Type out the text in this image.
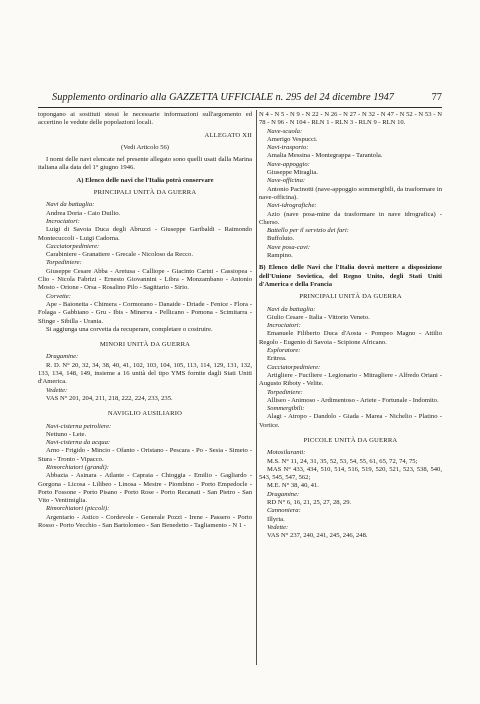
Supplemento ordinario alla GAZZETTA UFFICIALE n. 295 del 24 dicembre 1947	77

topongano ai sostituti stessi le necessarie informazioni sull'argomento ed accertino le vedute delle popolazioni locali.

ALLEGATO XII

(Vedi Articolo 56)

I nomi delle navi elencate nel presente allegato sono quelli usati dalla Marina italiana alla data del 1° giugno 1946.

A) Elenco delle navi che l'Italia potrà conservare

PRINCIPALI UNITÀ DA GUERRA

Navi da battaglia:

Andrea Doria - Caio Duilio.

Incrociatori:

Luigi di Savoia Duca degli Abruzzi - Giuseppe Garibaldi - Raimondo Montecuccoli - Luigi Cadorna.

Cacciatorpediniere:

Carabiniere - Granatiere - Grecale - Nicoloso da Recco.

Torpediniere:

Giuseppe Cesare Abba - Aretusa - Calliope - Giacinto Carini - Cassiopea - Clio - Nicola Fabrizi - Ernesto Giovannini - Libra - Monzambano - Antonio Mosto - Orione - Orsa - Rosalino Pilo - Sagittario - Sirio.

Corvette:

Ape - Baionetta - Chimera - Cormorano - Danaide - Driade - Fenice - Flora - Folaga - Gabbiano - Gru - Ibis - Minerva - Pellicano - Pomona - Scimitarra - Sfinge - Sibilla - Urania.

Si aggiunga una corvetta da recuperare, completare o costruire.

MINORI UNITÀ DA GUERRA

Dragamine:

R. D. N° 20, 32, 34, 38, 40, 41, 102, 103, 104, 105, 113, 114, 129, 131, 132, 133, 134, 148, 149, insieme a 16 unità del tipo YMS fornite dagli Stati Uniti d'America.

Vedette:

VAS N° 201, 204, 211, 218, 222, 224, 233, 235.

NAVIGLIO AUSILIARIO

Navi-cisterna petroliere:

Nettuno - Lete.

Navi-cisterna da acqua:

Arno - Frigido - Mincio - Ofanto - Oristano - Pescara - Po - Sesia - Simeto - Stura - Tronto - Vipacco.

Rimorchiatori (grandi):

Abbazia - Asinara - Atlante - Capraia - Chioggia - Emilio - Gagliardo - Gorgona - Licosa - Lilibeo - Linosa - Mestre - Piombino - Porto Empedocle - Porto Fossone - Porto Pisano - Porto Rose - Porto Recanati - San Pietro - San Vito - Ventimiglia.

Rimorchiatori (piccoli):

Argentario - Astico - Cordevole - Generale Pozzi - Irene - Passero - Porto Rosso - Porto Vecchio - San Bartolomeo - San Benedetto - Tagliamento - N 1 -

N 4 - N 5 - N 9 - N 22 - N 26 - N 27 - N 32 - N 47 - N 52 - N 53 - N 78 - N 96 - N 104 - RLN 1 - RLN 3 - RLN 9 - RLN 10.

Nave-scuola:

Amerigo Vespucci.

Navi-trasporto:

Amalia Messina - Montegrappa - Tarantola.

Nave-appoggio:

Giuseppe Miraglia.

Nave-officina:

Antonio Pacinotti (nave-appoggio sommergibili, da trasformare in nave-officina).

Navi-idrografiche:

Azio (nave posa-mine da trasformare in nave idrografica) - Cherso.

Battello per il servizio dei fari:

Buffoluto.

Nave posa-cavi:

Rampino.

B) Elenco delle Navi che l'Italia dovrà mettere a disposizione dell'Unione Sovietica, del Regno Unito, degli Stati Uniti d'America e della Francia

PRINCIPALI UNITÀ DA GUERRA

Navi da battaglia:

Giulio Cesare - Italia - Vittorio Veneto.

Incrociatori:

Emanuele Filiberto Duca d'Aosta - Pompeo Magno - Attilio Regolo - Eugenio di Savoia - Scipione Africano.

Esploratore:

Eritrea.

Cacciatorpediniere:

Artigliere - Fuciliere - Legionario - Mitragliere - Alfredo Oriani - Augusto Riboty - Velite.

Torpediniere:

Alliseo - Animoso - Ardimentoso - Ariete - Fortunale - Indomito.

Sommergibili:

Alagi - Atropo - Dandolo - Giada - Marea - Nichelio - Platino - Vortice.

PICCOLE UNITÀ DA GUERRA

Motosiluranti:

M.S. N° 11, 24, 31, 35, 52, 53, 54, 55, 61, 65, 72, 74, 75;

MAS N° 433, 434, 510, 514, 516, 519, 520, 521, 523, 538, 540, 543, 545, 547, 562;

M.E. N° 38, 40, 41.

Dragamine:

RD N° 6, 16, 21, 25, 27, 28, 29.

Cannoniera:

Illyria.

Vedette:

VAS N° 237, 240, 241, 245, 246, 248.
